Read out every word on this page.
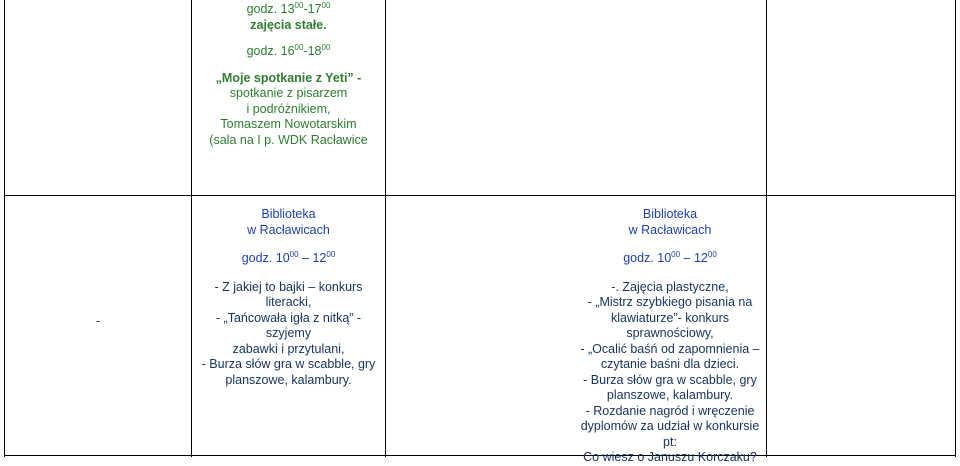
godz. $13^{00}-17^{00}$

zajęcia stałe.

godz. $16^{00}-18^{00}$

„Moje spotkanie z Yeti” -

spotkanie z pisarzem

i podróżnikiem,

Tomaszem Nowotarskim

(sala na I p. WDK Racławice

-

Biblioteka

w Racławicach

godz. $10^{00} - 12^{00}$

- Z jakiej to bajki – konkurs literacki,

- „Tańcowała igła z nitką” - szyjemy

zabawki i przytulani,

- Burza słów gra w scabble, gry

planszowe, kalambury.

Biblioteka

w Racławicach

godz. $10^{00} - 12^{00}$

-. Zajęcia plastyczne,

- „Mistrz szybkiego pisania na

klawiaturze”- konkurs

sprawnościowy,

- „Ocalić baśń od zapomnienia –

czytanie baśni dla dzieci.

- Burza słów gra w scabble, gry

planszowe, kalambury.

- Rozdanie nagród i wręczenie

dyplomów za udział w konkursie pt:

Co wiesz o Januszu Korczaku?
